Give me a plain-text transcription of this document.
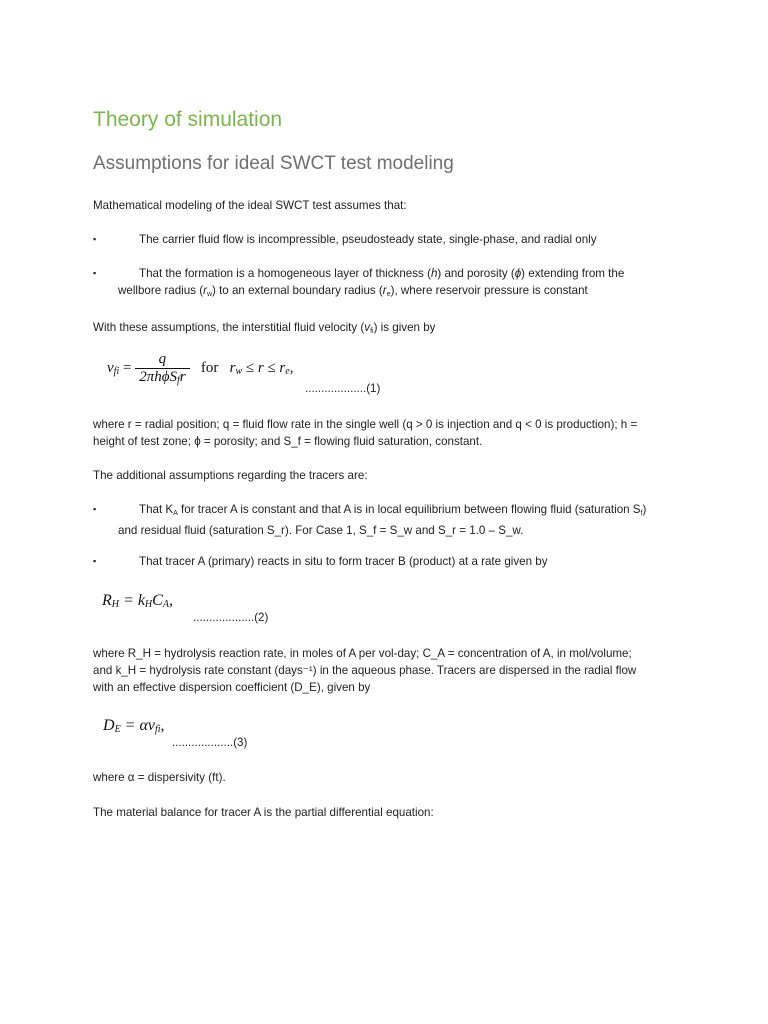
Theory of simulation
Assumptions for ideal SWCT test modeling
Mathematical modeling of the ideal SWCT test assumes that:
▪	The carrier fluid flow is incompressible, pseudosteady state, single-phase, and radial only
▪	That the formation is a homogeneous layer of thickness (h) and porosity (ϕ) extending from the
wellbore radius $(r_w)$ to an external boundary radius $(r_e)$, where reservoir pressure is constant
With these assumptions, the interstitial fluid velocity $(v_{fi})$ is given by
$v_{fi} = \frac{q}{2\pi h\phi S_fr}$ for $r_w \le r \le r_e$,
...................(1)
where r = radial position; q = fluid flow rate in the single well (q > 0 is injection and q < 0 is production); h =
height of test zone; ϕ = porosity; and S_f = flowing fluid saturation, constant.
The additional assumptions regarding the tracers are:
▪	That $K_A$ for tracer A is constant and that A is in local equilibrium between flowing fluid (saturation $S_f$)
and residual fluid (saturation S_r). For Case 1, S_f = S_w and S_r = 1.0 – S_w.
▪	That tracer A (primary) reacts in situ to form tracer B (product) at a rate given by
$R_H = k_HC_A$,
...................(2)
where R_H = hydrolysis reaction rate, in moles of A per vol-day; C_A = concentration of A, in mol/volume;
and k_H = hydrolysis rate constant (days⁻¹) in the aqueous phase. Tracers are dispersed in the radial flow
with an effective dispersion coefficient (D_E), given by
$D_E = \alpha v_{fi}$,
...................(3)
where α = dispersivity (ft).
The material balance for tracer A is the partial differential equation:
